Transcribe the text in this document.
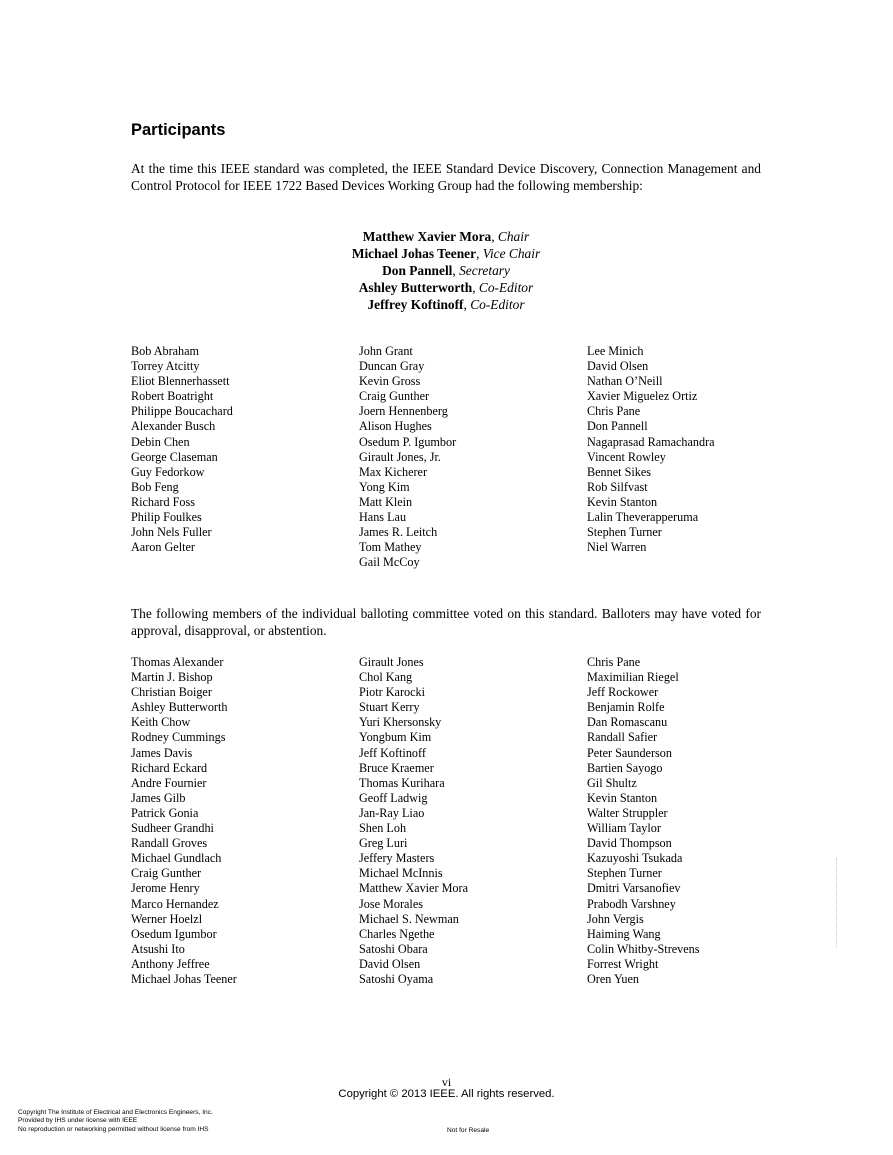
Participants

At the time this IEEE standard was completed, the IEEE Standard Device Discovery, Connection Management and Control Protocol for IEEE 1722 Based Devices Working Group had the following membership:

Matthew Xavier Mora, Chair
Michael Johas Teener, Vice Chair
Don Pannell, Secretary
Ashley Butterworth, Co-Editor
Jeffrey Koftinoff, Co-Editor
Bob Abraham
Torrey Atcitty
Eliot Blennerhassett
Robert Boatright
Philippe Boucachard
Alexander Busch
Debin Chen
George Claseman
Guy Fedorkow
Bob Feng
Richard Foss
Philip Foulkes
John Nels Fuller
Aaron Gelter
John Grant
Duncan Gray
Kevin Gross
Craig Gunther
Joern Hennenberg
Alison Hughes
Osedum P. Igumbor
Girault Jones, Jr.
Max Kicherer
Yong Kim
Matt Klein
Hans Lau
James R. Leitch
Tom Mathey
Gail McCoy
Lee Minich
David Olsen
Nathan O’Neill
Xavier Miguelez Ortiz
Chris Pane
Don Pannell
Nagaprasad Ramachandra
Vincent Rowley
Bennet Sikes
Rob Silfvast
Kevin Stanton
Lalin Theverapperuma
Stephen Turner
Niel Warren

The following members of the individual balloting committee voted on this standard. Balloters may have voted for approval, disapproval, or abstention.

Thomas Alexander
Martin J. Bishop
Christian Boiger
Ashley Butterworth
Keith Chow
Rodney Cummings
James Davis
Richard Eckard
Andre Fournier
James Gilb
Patrick Gonia
Sudheer Grandhi
Randall Groves
Michael Gundlach
Craig Gunther
Jerome Henry
Marco Hernandez
Werner Hoelzl
Osedum Igumbor
Atsushi Ito
Anthony Jeffree
Michael Johas Teener
Girault Jones
Chol Kang
Piotr Karocki
Stuart Kerry
Yuri Khersonsky
Yongbum Kim
Jeff Koftinoff
Bruce Kraemer
Thomas Kurihara
Geoff Ladwig
Jan-Ray Liao
Shen Loh
Greg Luri
Jeffery Masters
Michael McInnis
Matthew Xavier Mora
Jose Morales
Michael S. Newman
Charles Ngethe
Satoshi Obara
David Olsen
Satoshi Oyama
Chris Pane
Maximilian Riegel
Jeff Rockower
Benjamin Rolfe
Dan Romascanu
Randall Safier
Peter Saunderson
Bartien Sayogo
Gil Shultz
Kevin Stanton
Walter Struppler
William Taylor
David Thompson
Kazuyoshi Tsukada
Stephen Turner
Dmitri Varsanofiev
Prabodh Varshney
John Vergis
Haiming Wang
Colin Whitby-Strevens
Forrest Wright
Oren Yuen
vi
Copyright © 2013 IEEE. All rights reserved.
Copyright The Institute of Electrical and Electronics Engineers, Inc.
Provided by IHS under license with IEEE
No reproduction or networking permitted without license from IHS	Not for Resale
